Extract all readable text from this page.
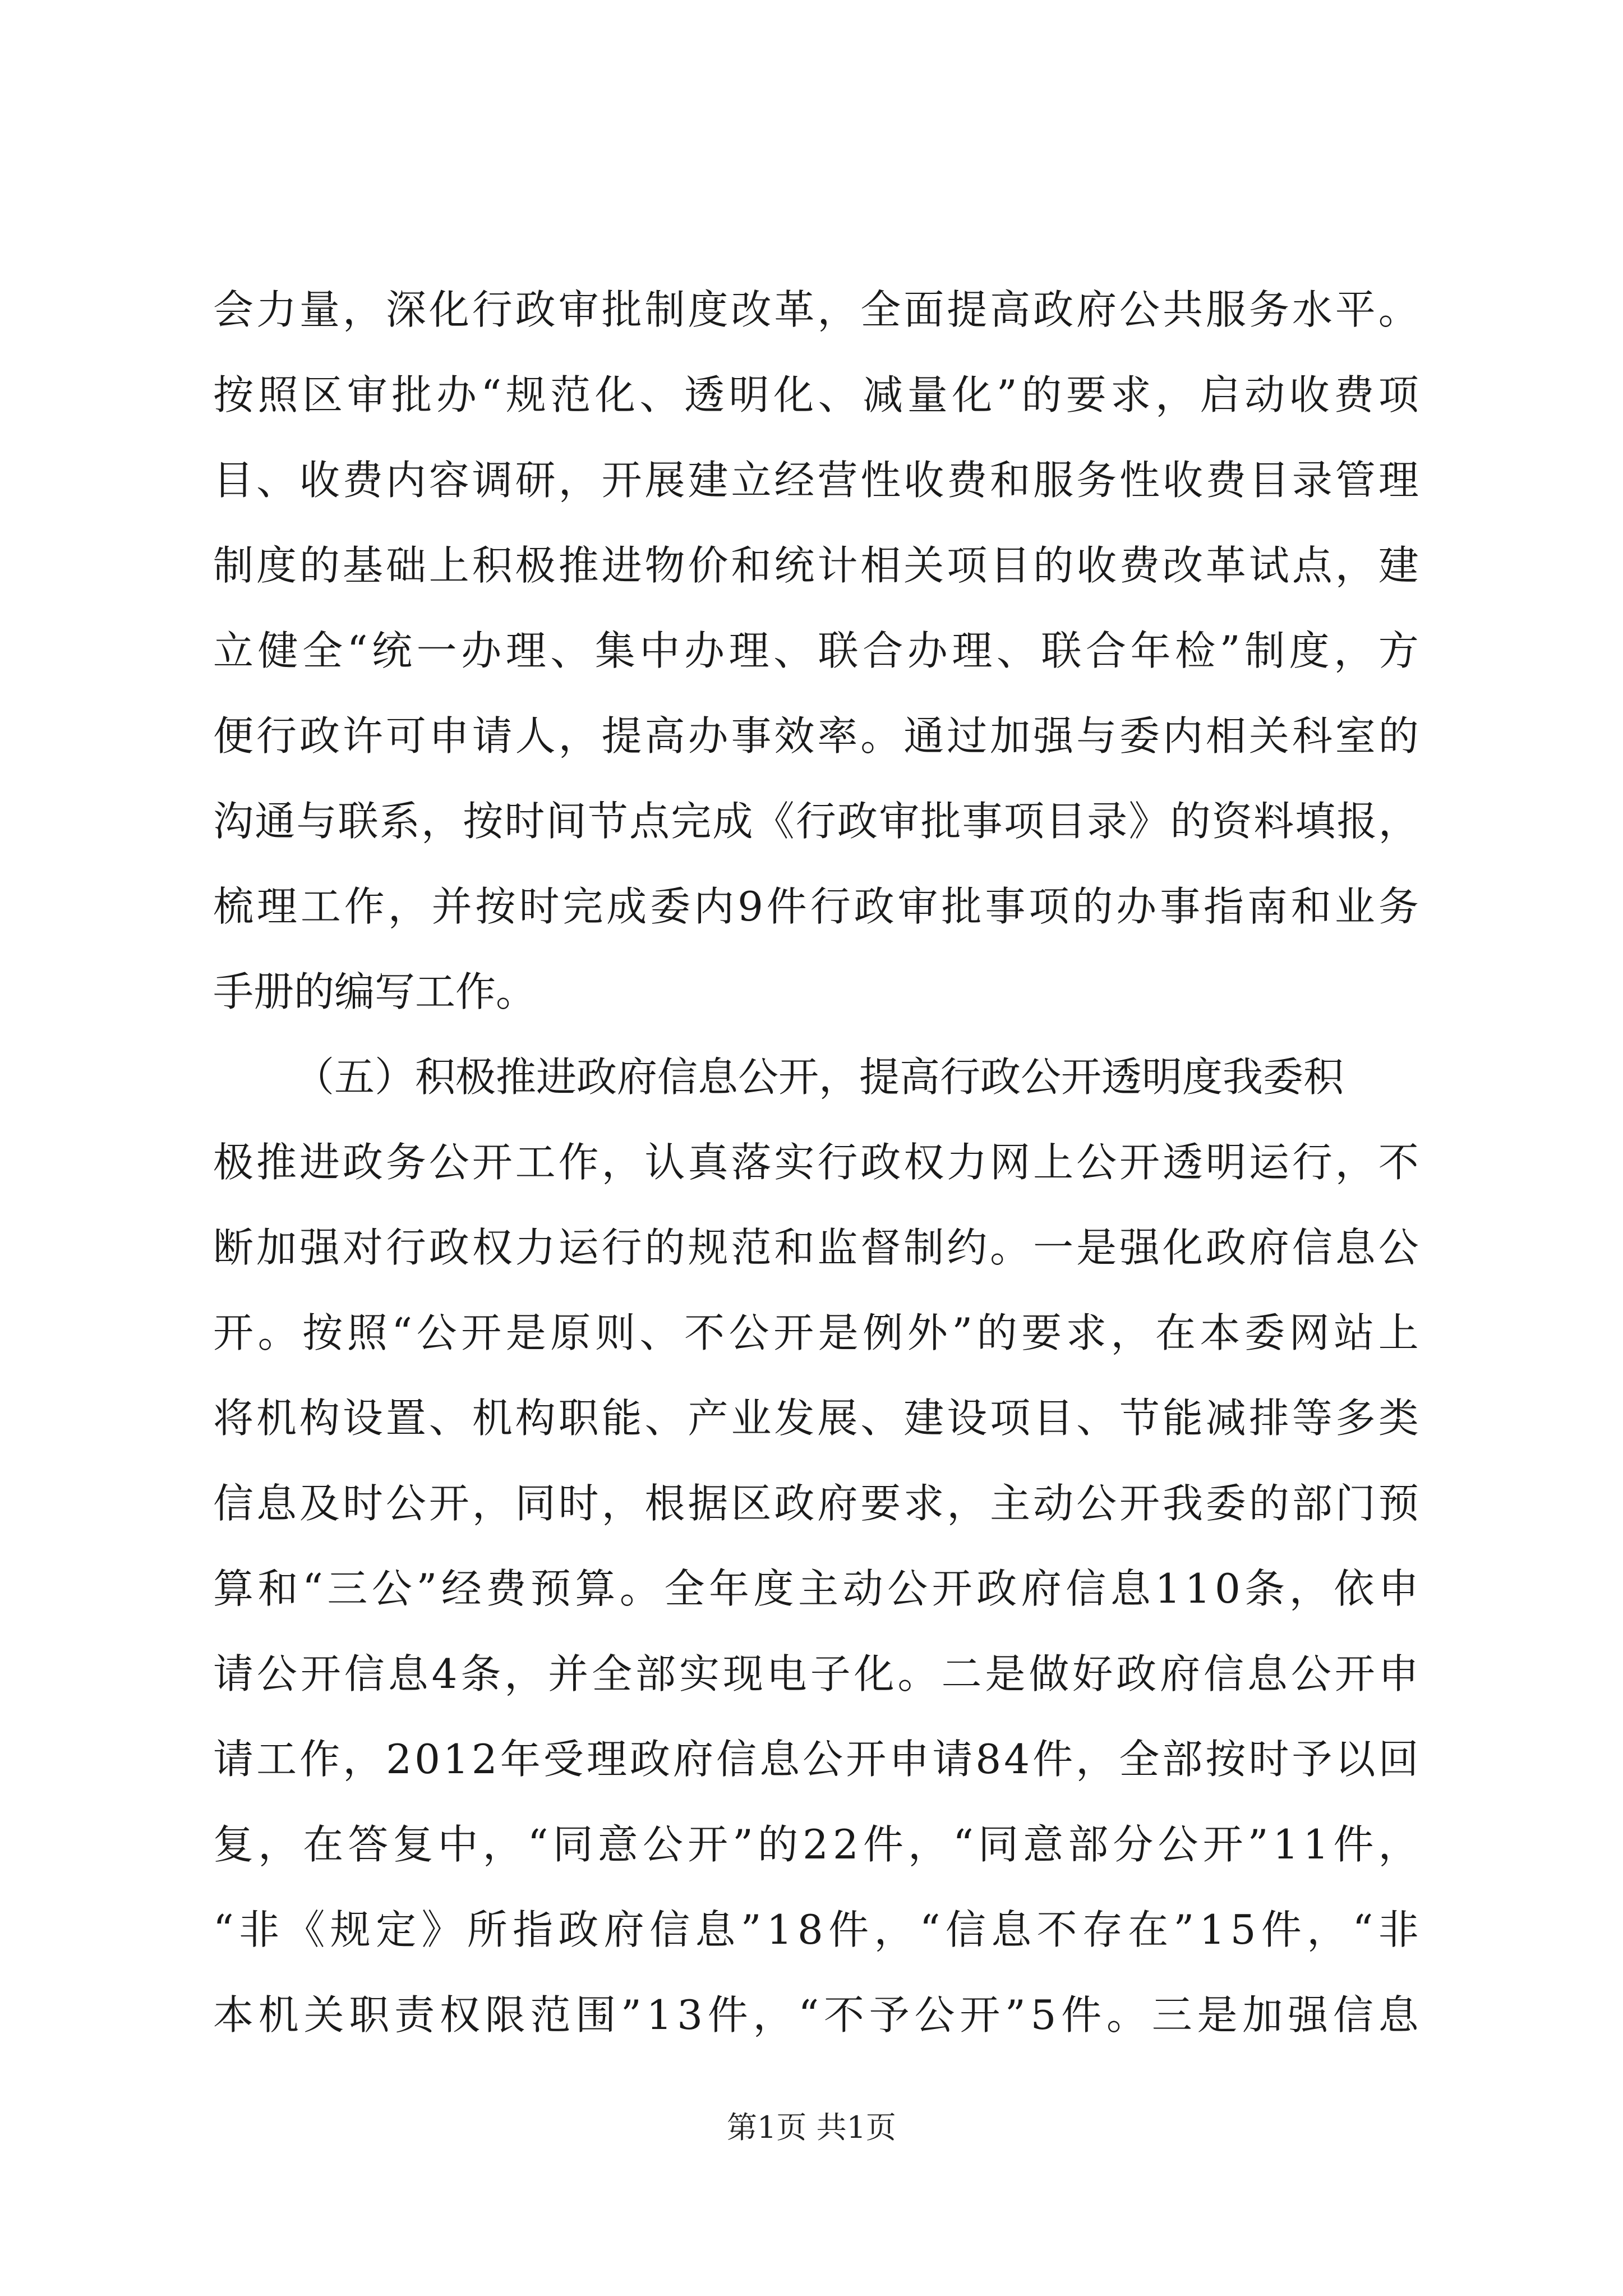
会 力 量 ， 深 化 行 政 审 批 制 度 改 革 ， 全 面 提 高 政 府 公 共 服 务 水 平 。
按 照 区 审 批 办 “ 规 范 化 、 透 明 化 、 减 量 化 ” 的 要 求 ， 启 动 收 费 项
目 、 收 费 内 容 调 研 ， 开 展 建 立 经 营 性 收 费 和 服 务 性 收 费 目 录 管 理
制 度 的 基 础 上 积 极 推 进 物 价 和 统 计 相 关 项 目 的 收 费 改 革 试 点 ， 建
立 健 全 “ 统 一 办 理 、 集 中 办 理 、 联 合 办 理 、 联 合 年 检 ” 制 度 ， 方
便 行 政 许 可 申 请 人 ， 提 高 办 事 效 率 。 通 过 加 强 与 委 内 相 关 科 室 的
沟 通 与 联 系 ， 按 时 间 节 点 完 成 《 行 政 审 批 事 项 目 录 》 的 资 料 填 报 ，
梳 理 工 作 ， 并 按 时 完 成 委 内 9 件 行 政 审 批 事 项 的 办 事 指 南 和 业 务
手册的编写工作。
（五）积极推进政府信息公开，提高行政公开透明度我委积
极 推 进 政 务 公 开 工 作 ， 认 真 落 实 行 政 权 力 网 上 公 开 透 明 运 行 ， 不
断 加 强 对 行 政 权 力 运 行 的 规 范 和 监 督 制 约 。 一 是 强 化 政 府 信 息 公
开 。 按 照 “ 公 开 是 原 则 、 不 公 开 是 例 外 ” 的 要 求 ， 在 本 委 网 站 上
将 机 构 设 置 、 机 构 职 能 、 产 业 发 展 、 建 设 项 目 、 节 能 减 排 等 多 类
信 息 及 时 公 开 ， 同 时 ， 根 据 区 政 府 要 求 ， 主 动 公 开 我 委 的 部 门 预
算 和 “ 三 公 ” 经 费 预 算 。 全 年 度 主 动 公 开 政 府 信 息 1 1 0 条 ， 依 申
请 公 开 信 息 4 条 ， 并 全 部 实 现 电 子 化 。 二 是 做 好 政 府 信 息 公 开 申
请 工 作 ， 2 0 1 2 年 受 理 政 府 信 息 公 开 申 请 8 4 件 ， 全 部 按 时 予 以 回
复 ， 在 答 复 中 ， “ 同 意 公 开 ” 的 2 2 件 ， “ 同 意 部 分 公 开 ” 1 1 件 ，
“ 非 《 规 定 》 所 指 政 府 信 息 ” 1 8 件 ， “ 信 息 不 存 在 ” 1 5 件 ， “ 非
本 机 关 职 责 权 限 范 围 ” 1 3 件 ， “ 不 予 公 开 ” 5 件 。 三 是 加 强 信 息
第1页 共1页
